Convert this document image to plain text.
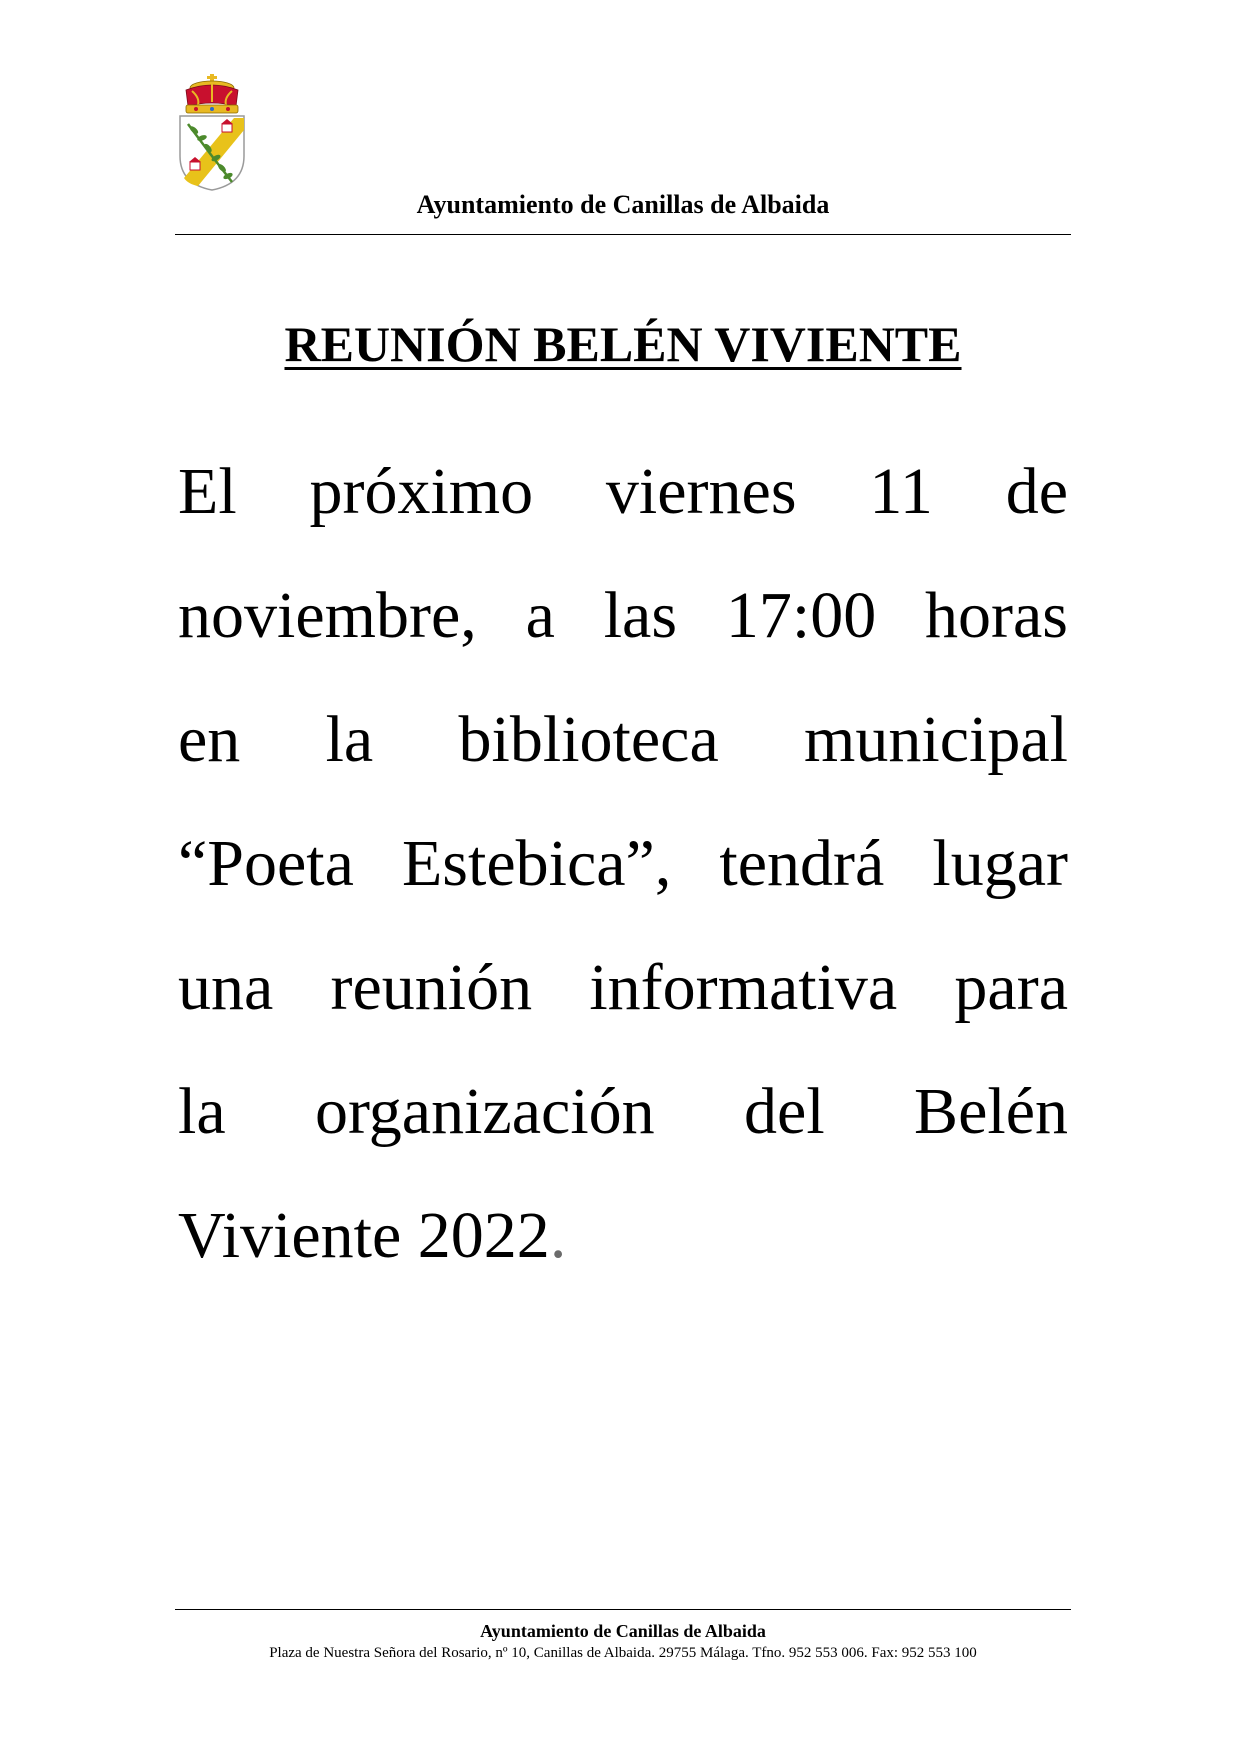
Ayuntamiento de Canillas de Albaida
REUNIÓN BELÉN VIVIENTE
El próximo viernes 11 de
noviembre, a las 17:00 horas
en la biblioteca municipal
“Poeta Estebica”, tendrá lugar
una reunión informativa para
la organización del Belén
Viviente 2022.
Ayuntamiento de Canillas de Albaida
Plaza de Nuestra Señora del Rosario, nº 10, Canillas de Albaida. 29755 Málaga. Tfno. 952 553 006. Fax: 952 553 100
